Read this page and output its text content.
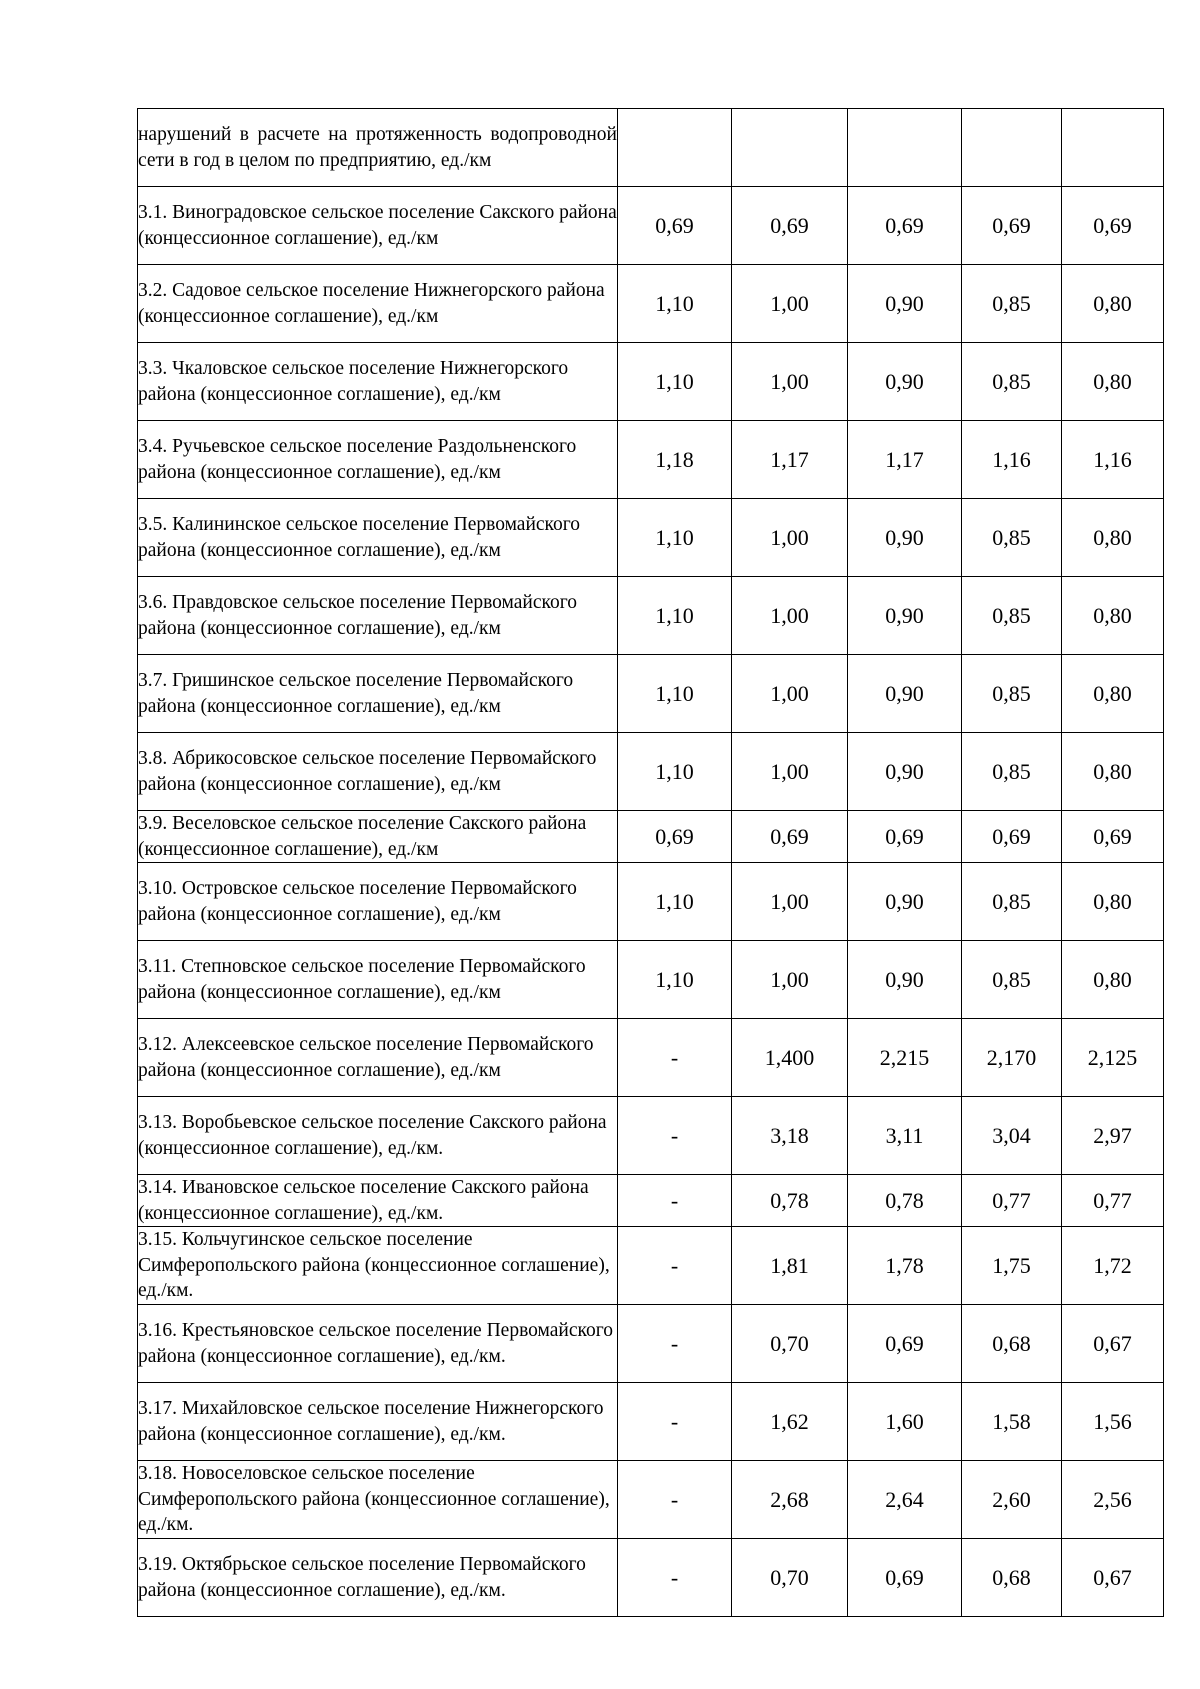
нарушений в расчете на протяженность водопроводной сети в год в целом по предприятию, ед./км					
3.1. Виноградовское сельское поселение Сакского района (концессионное соглашение), ед./км	0,69	0,69	0,69	0,69	0,69
3.2. Садовое сельское поселение Нижнегорского района (концессионное соглашение), ед./км	1,10	1,00	0,90	0,85	0,80
3.3. Чкаловское сельское поселение Нижнегорского района (концессионное соглашение), ед./км	1,10	1,00	0,90	0,85	0,80
3.4. Ручьевское сельское поселение Раздольненского района (концессионное соглашение), ед./км	1,18	1,17	1,17	1,16	1,16
3.5. Калининское сельское поселение Первомайского района (концессионное соглашение), ед./км	1,10	1,00	0,90	0,85	0,80
3.6. Правдовское сельское поселение Первомайского района (концессионное соглашение), ед./км	1,10	1,00	0,90	0,85	0,80
3.7. Гришинское сельское поселение Первомайского района (концессионное соглашение), ед./км	1,10	1,00	0,90	0,85	0,80
3.8. Абрикосовское сельское поселение Первомайского района (концессионное соглашение), ед./км	1,10	1,00	0,90	0,85	0,80
3.9. Веселовское сельское поселение Сакского района (концессионное соглашение), ед./км	0,69	0,69	0,69	0,69	0,69
3.10. Островское сельское поселение Первомайского района (концессионное соглашение), ед./км	1,10	1,00	0,90	0,85	0,80
3.11. Степновское сельское поселение Первомайского района (концессионное соглашение), ед./км	1,10	1,00	0,90	0,85	0,80
3.12. Алексеевское сельское поселение Первомайского района (концессионное соглашение), ед./км	-	1,400	2,215	2,170	2,125
3.13. Воробьевское сельское поселение Сакского района (концессионное соглашение), ед./км.	-	3,18	3,11	3,04	2,97
3.14. Ивановское сельское поселение Сакского района (концессионное соглашение), ед./км.	-	0,78	0,78	0,77	0,77
3.15. Кольчугинское сельское поселение Симферопольского района (концессионное соглашение), ед./км.	-	1,81	1,78	1,75	1,72
3.16. Крестьяновское сельское поселение Первомайского района (концессионное соглашение), ед./км.	-	0,70	0,69	0,68	0,67
3.17. Михайловское сельское поселение Нижнегорского района (концессионное соглашение), ед./км.	-	1,62	1,60	1,58	1,56
3.18. Новоселовское сельское поселение Симферопольского района (концессионное соглашение), ед./км.	-	2,68	2,64	2,60	2,56
3.19. Октябрьское сельское поселение Первомайского района (концессионное соглашение), ед./км.	-	0,70	0,69	0,68	0,67
